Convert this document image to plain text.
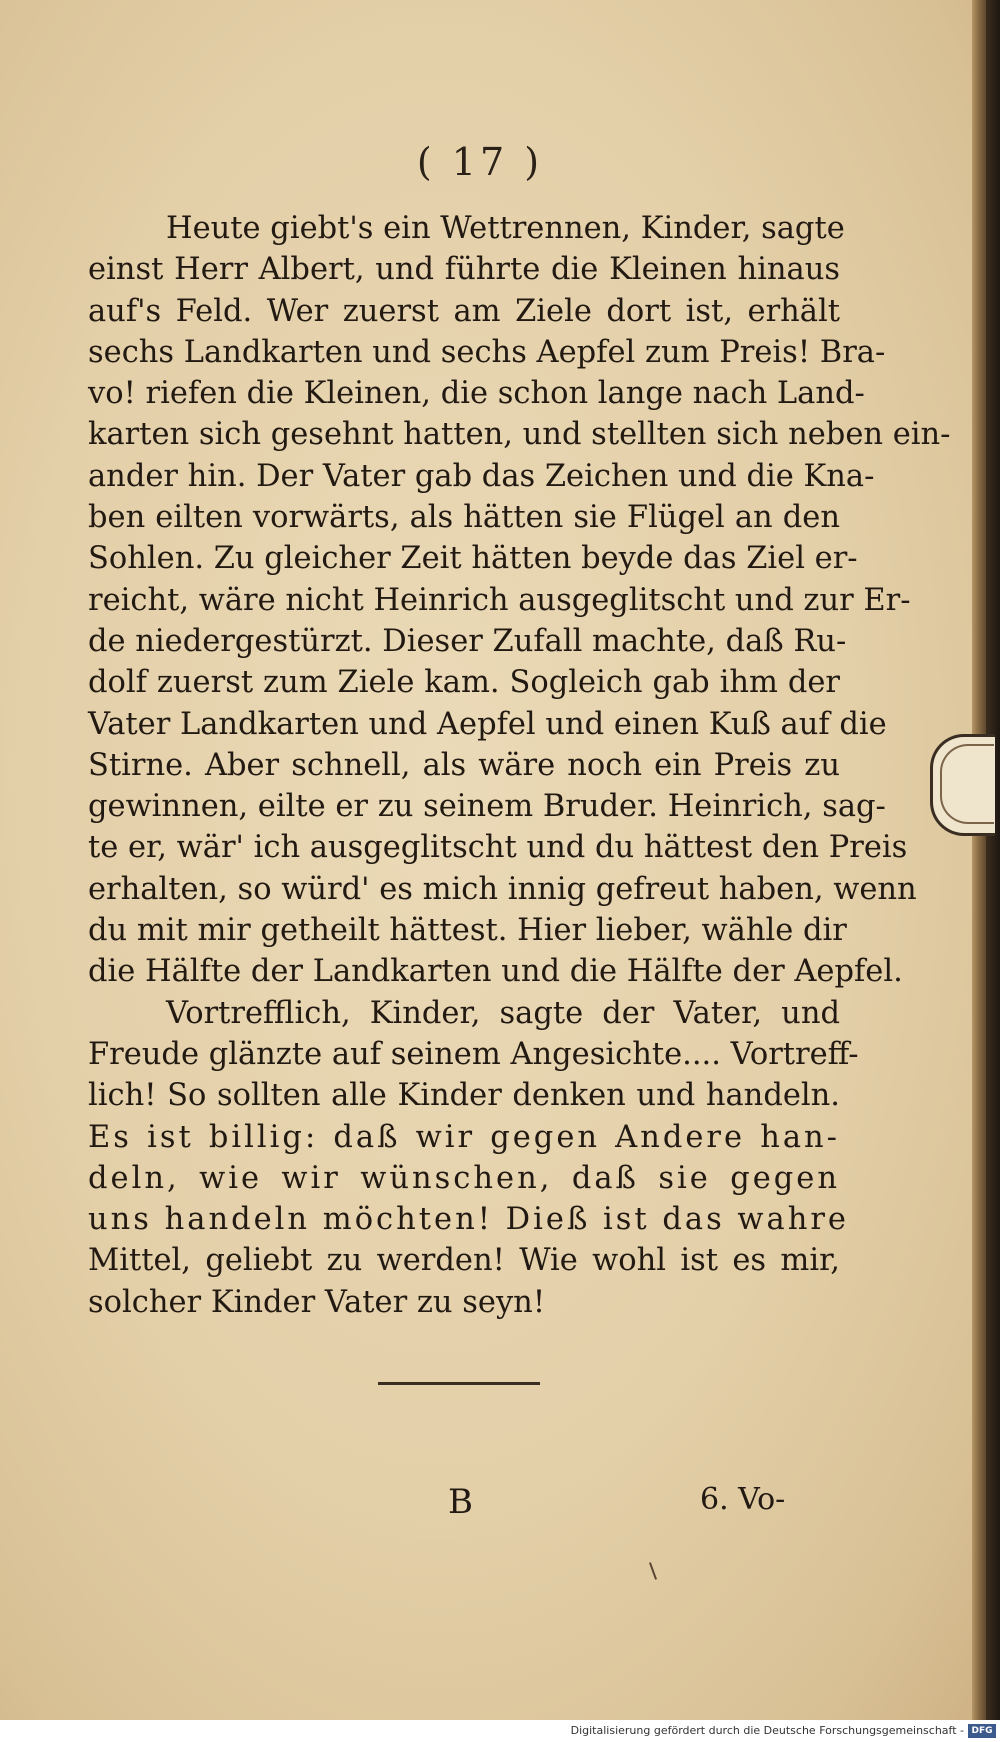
( 17 )
Heute giebt's ein Wettrennen, Kinder, sagte
einst Herr Albert, und führte die Kleinen hinaus
auf's Feld. Wer zuerst am Ziele dort ist, erhält
sechs Landkarten und sechs Aepfel zum Preis! Bra-
vo! riefen die Kleinen, die schon lange nach Land-
karten sich gesehnt hatten, und stellten sich neben ein-
ander hin. Der Vater gab das Zeichen und die Kna-
ben eilten vorwärts, als hätten sie Flügel an den
Sohlen. Zu gleicher Zeit hätten beyde das Ziel er-
reicht, wäre nicht Heinrich ausgeglitscht und zur Er-
de niedergestürzt. Dieser Zufall machte, daß Ru-
dolf zuerst zum Ziele kam. Sogleich gab ihm der
Vater Landkarten und Aepfel und einen Kuß auf die
Stirne. Aber schnell, als wäre noch ein Preis zu
gewinnen, eilte er zu seinem Bruder. Heinrich, sag-
te er, wär' ich ausgeglitscht und du hättest den Preis
erhalten, so würd' es mich innig gefreut haben, wenn
du mit mir getheilt hättest. Hier lieber, wähle dir
die Hälfte der Landkarten und die Hälfte der Aepfel.
Vortrefflich, Kinder, sagte der Vater, und
Freude glänzte auf seinem Angesichte.... Vortreff-
lich! So sollten alle Kinder denken und handeln.
Es ist billig: daß wir gegen Andere han-
deln, wie wir wünschen, daß sie gegen
uns handeln möchten! Dieß ist das wahre
Mittel, geliebt zu werden! Wie wohl ist es mir,
solcher Kinder Vater zu seyn!
B	6. Vo-
Digitalisierung gefördert durch die Deutsche Forschungsgemeinschaft - DFG
